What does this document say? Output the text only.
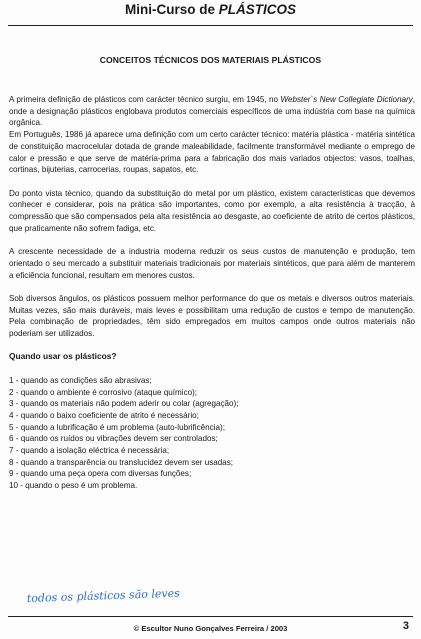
Mini-Curso de PLÁSTICOS
CONCEITOS TÉCNICOS DOS MATERIAIS PLÁSTICOS

A primeira definição de plásticos com carácter técnico surgiu, em 1945, no Webster`s New Collegiate Dictionary, onde a designação plásticos englobava produtos comerciais específicos de uma indústria com base na química orgânica.

Em Português, 1986 já aparece uma definição com um certo carácter técnico: matéria plástica - matéria sintética de constituição macrocelular dotada de grande maleabilidade, facilmente transformável mediante o emprego de calor e pressão e que serve de matéria-prima para a fabricação dos mais variados objectos: vasos, toalhas, cortinas, bijuterias, carrocerias, roupas, sapatos, etc.

Do ponto vista técnico, quando da substituição do metal por um plástico, existem características que devemos conhecer e considerar, pois na prática são importantes, como por exemplo, a alta resistência à tracção, à compressão que são compensados pela alta resistência ao desgaste, ao coeficiente de atrito de certos plásticos, que praticamente não sofrem fadiga, etc.

A crescente necessidade de a industria moderna reduzir os seus custos de manutenção e produção, tem orientado o seu mercado a substituir materiais tradicionais por materiais sintéticos, que para além de manterem a eficiência funcional, resultam em menores custos.

Sob diversos ângulos, os plásticos possuem melhor performance do que os metais e diversos outros materiais. Muitas vezes, são mais duráveis, mais leves e possibilitam uma redução de custos e tempo de manutenção. Pela combinação de propriedades, têm sido empregados em muitos campos onde outros materiais não poderiam ser utilizados.

Quando usar os plásticos?
1 - quando as condições são abrasivas;
2 - quando o ambiente é corrosivo (ataque químico);
3 - quando os materiais não podem aderir ou colar (agregação);
4 - quando o baixo coeficiente de atrito é necessário;
5 - quando a lubrificação é um problema (auto-lubrificência);
6 - quando os ruídos ou vibrações devem ser controlados;
7 - quando a isolação eléctrica é necessária;
8 - quando a transparência ou translucidez devem ser usadas;
9 - quando uma peça opera com diversas funções;
10 - quando o peso é um problema.
todos os plásticos são leves
© Escultor Nuno Gonçalves Ferreira / 2003	3
